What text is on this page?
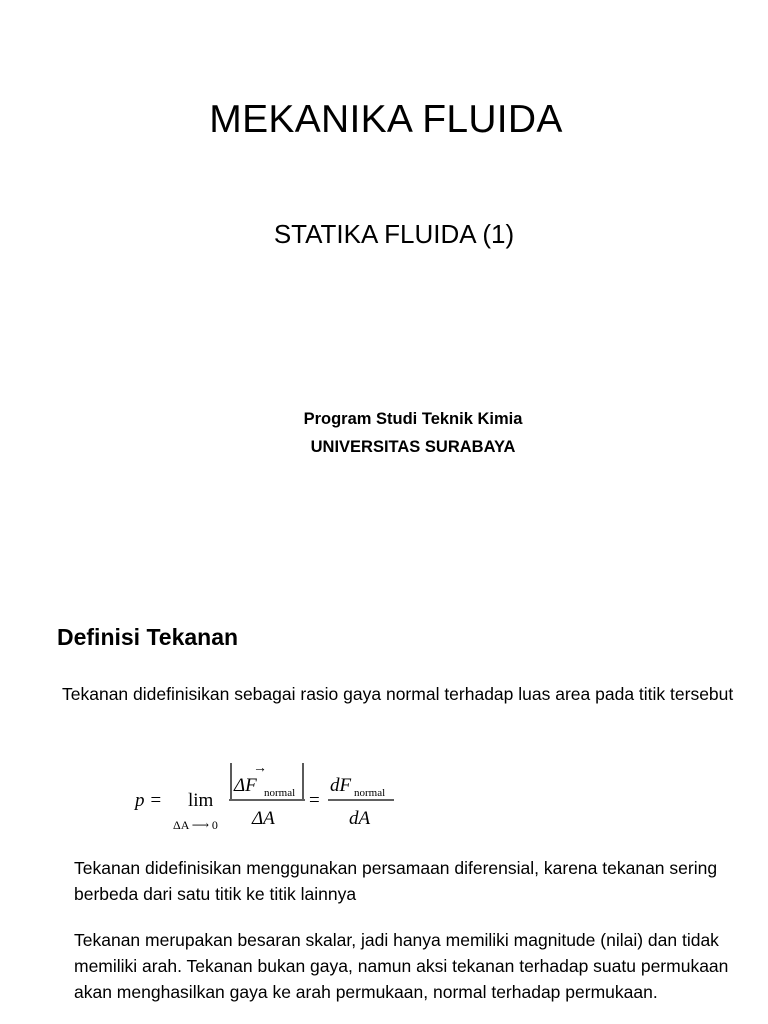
MEKANIKA FLUIDA
STATIKA FLUIDA (1)
Program Studi Teknik Kimia
UNIVERSITAS SURABAYA
Definisi Tekanan
Tekanan didefinisikan sebagai rasio gaya normal terhadap luas area pada titik tersebut
p = lim
ΔA ⟶ 0
→
ΔF normal
ΔA
=
dF normal
dA
Tekanan didefinisikan menggunakan persamaan diferensial, karena tekanan sering berbeda dari satu titik ke titik lainnya
Tekanan merupakan besaran skalar, jadi hanya memiliki magnitude (nilai) dan tidak memiliki arah. Tekanan bukan gaya, namun aksi tekanan terhadap suatu permukaan akan menghasilkan gaya ke arah permukaan, normal terhadap permukaan.
